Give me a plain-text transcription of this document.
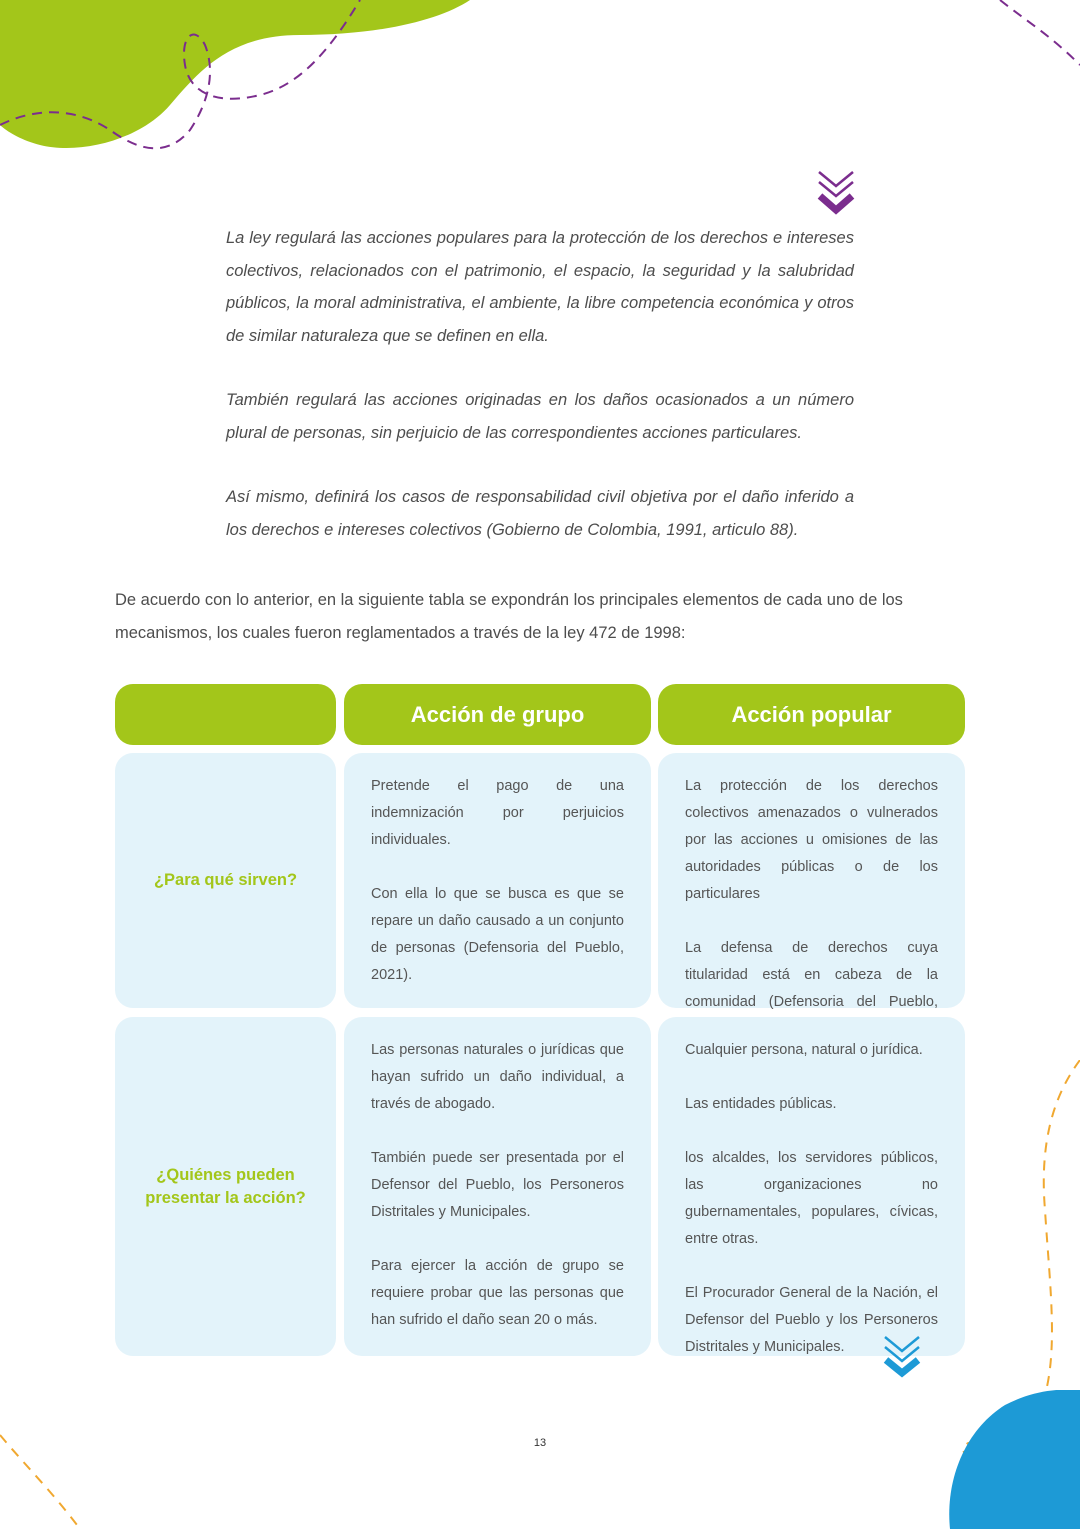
La ley regulará las acciones populares para la protección de los derechos e intereses colectivos, relacionados con el patrimonio, el espacio, la seguridad y la salubridad públicos, la moral administrativa, el ambiente, la libre competencia económica y otros de similar naturaleza que se definen en ella.

También regulará las acciones originadas en los daños ocasionados a un número plural de personas, sin perjuicio de las correspondientes acciones particulares.

Así mismo, definirá los casos de responsabilidad civil objetiva por el daño inferido a los derechos e intereses colectivos (Gobierno de Colombia, 1991, articulo 88).

De acuerdo con lo anterior, en la siguiente tabla se expondrán los principales elementos de cada uno de los mecanismos, los cuales fueron reglamentados a través de la ley 472 de 1998:

Acción de grupo	Acción popular
¿Para qué sirven?

Pretende el pago de una indemnización por perjuicios individuales.

Con ella lo que se busca es que se repare un daño causado a un conjunto de personas (Defensoria del Pueblo, 2021).

La protección de los derechos colectivos amenazados o vulnerados por las acciones u omisiones de las autoridades públicas o de los particulares

La defensa de derechos cuya titularidad está en cabeza de la comunidad (Defensoria del Pueblo,

¿Quiénes pueden presentar la acción?

Las personas naturales o jurídicas que hayan sufrido un daño individual, a través de abogado.

También puede ser presentada por el Defensor del Pueblo, los Personeros Distritales y Municipales.

Para ejercer la acción de grupo se requiere probar que las personas que han sufrido el daño sean 20 o más.

Cualquier persona, natural o jurídica.

Las entidades públicas.

los alcaldes, los servidores públicos, las organizaciones no gubernamentales, populares, cívicas, entre otras.

El Procurador General de la Nación, el Defensor del Pueblo y los Personeros Distritales y Municipales.

13
